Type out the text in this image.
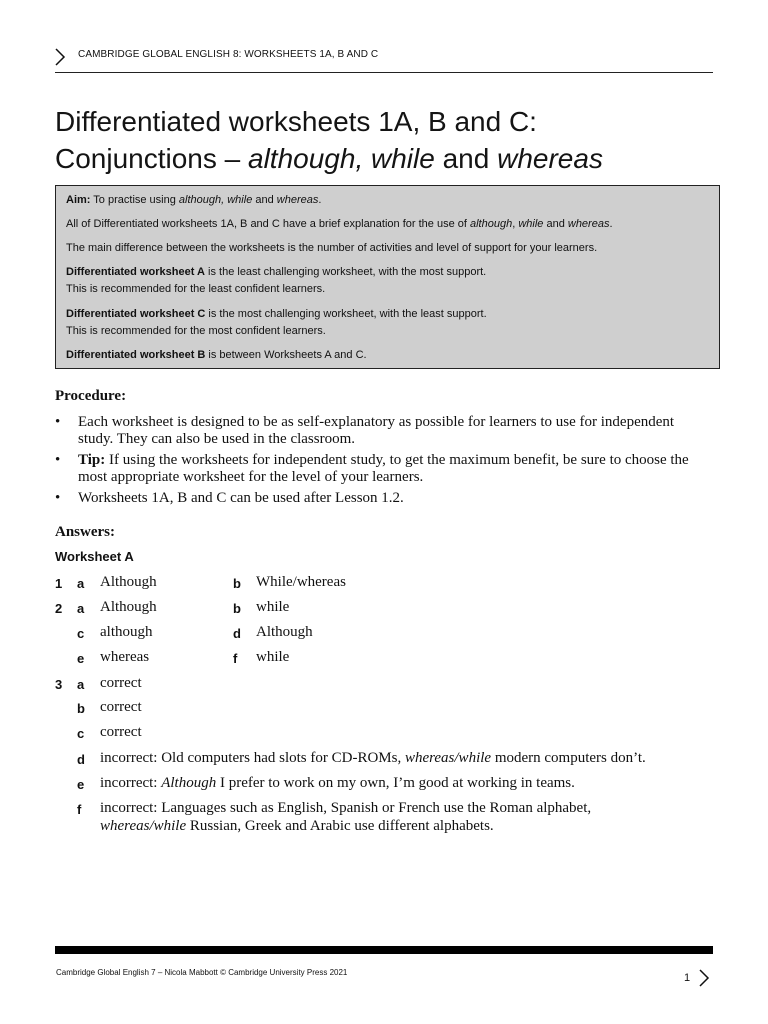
CAMBRIDGE GLOBAL ENGLISH 8: WORKSHEETS 1A, B AND C
Differentiated worksheets 1A, B and C:
Conjunctions – although, while and whereas
Aim: To practise using although, while and whereas.
All of Differentiated worksheets 1A, B and C have a brief explanation for the use of although, while and whereas.
The main difference between the worksheets is the number of activities and level of support for your learners.
Differentiated worksheet A is the least challenging worksheet, with the most support.
This is recommended for the least confident learners.
Differentiated worksheet C is the most challenging worksheet, with the least support.
This is recommended for the most confident learners.
Differentiated worksheet B is between Worksheets A and C.
Procedure:
• Each worksheet is designed to be as self-explanatory as possible for learners to use for independent
study. They can also be used in the classroom.
• Tip: If using the worksheets for independent study, to get the maximum benefit, be sure to choose the
most appropriate worksheet for the level of your learners.
• Worksheets 1A, B and C can be used after Lesson 1.2.
Answers:
Worksheet A
1 a Although	b While/whereas
2 a Although	b while
c although	d Although
e whereas	f while
3 a correct
b correct
c correct
d incorrect: Old computers had slots for CD-ROMs, whereas/while modern computers don’t.
e incorrect: Although I prefer to work on my own, I’m good at working in teams.
f incorrect: Languages such as English, Spanish or French use the Roman alphabet,
whereas/while Russian, Greek and Arabic use different alphabets.
Cambridge Global English 7 – Nicola Mabbott © Cambridge University Press 2021	1
